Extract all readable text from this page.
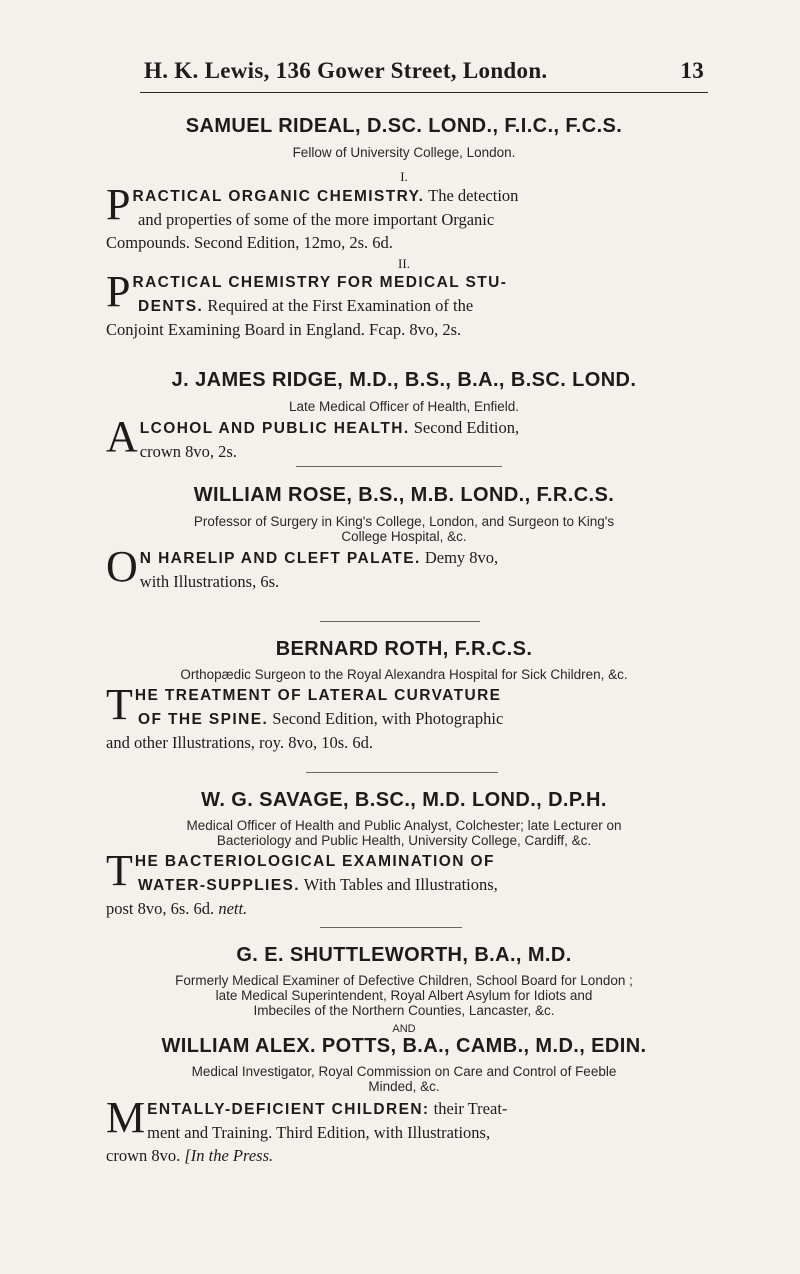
H. K. Lewis, 136 Gower Street, London.	13
SAMUEL RIDEAL, D.SC. LOND., F.I.C., F.C.S.
Fellow of University College, London.
I.
P RACTICAL ORGANIC CHEMISTRY. The detection
and properties of some of the more important Organic
Compounds. Second Edition, 12mo, 2s. 6d.
II.
P RACTICAL CHEMISTRY FOR MEDICAL STU-
DENTS. Required at the First Examination of the
Conjoint Examining Board in England. Fcap. 8vo, 2s.
J. JAMES RIDGE, M.D., B.S., B.A., B.SC. LOND.
Late Medical Officer of Health, Enfield.
A LCOHOL AND PUBLIC HEALTH. Second Edition,
crown 8vo, 2s.
WILLIAM ROSE, B.S., M.B. LOND., F.R.C.S.
Professor of Surgery in King's College, London, and Surgeon to King's
College Hospital, &c.
O N HARELIP AND CLEFT PALATE. Demy 8vo,
with Illustrations, 6s.
BERNARD ROTH, F.R.C.S.
Orthopædic Surgeon to the Royal Alexandra Hospital for Sick Children, &c.
T HE TREATMENT OF LATERAL CURVATURE
OF THE SPINE. Second Edition, with Photographic
and other Illustrations, roy. 8vo, 10s. 6d.
W. G. SAVAGE, B.SC., M.D. LOND., D.P.H.
Medical Officer of Health and Public Analyst, Colchester; late Lecturer on
Bacteriology and Public Health, University College, Cardiff, &c.
T HE BACTERIOLOGICAL EXAMINATION OF
WATER-SUPPLIES. With Tables and Illustrations,
post 8vo, 6s. 6d. nett.
G. E. SHUTTLEWORTH, B.A., M.D.
Formerly Medical Examiner of Defective Children, School Board for London ;
late Medical Superintendent, Royal Albert Asylum for Idiots and
Imbeciles of the Northern Counties, Lancaster, &c.
AND
WILLIAM ALEX. POTTS, B.A., CAMB., M.D., EDIN.
Medical Investigator, Royal Commission on Care and Control of Feeble
Minded, &c.
M ENTALLY-DEFICIENT CHILDREN: their Treat-
ment and Training. Third Edition, with Illustrations,
crown 8vo. [In the Press.
